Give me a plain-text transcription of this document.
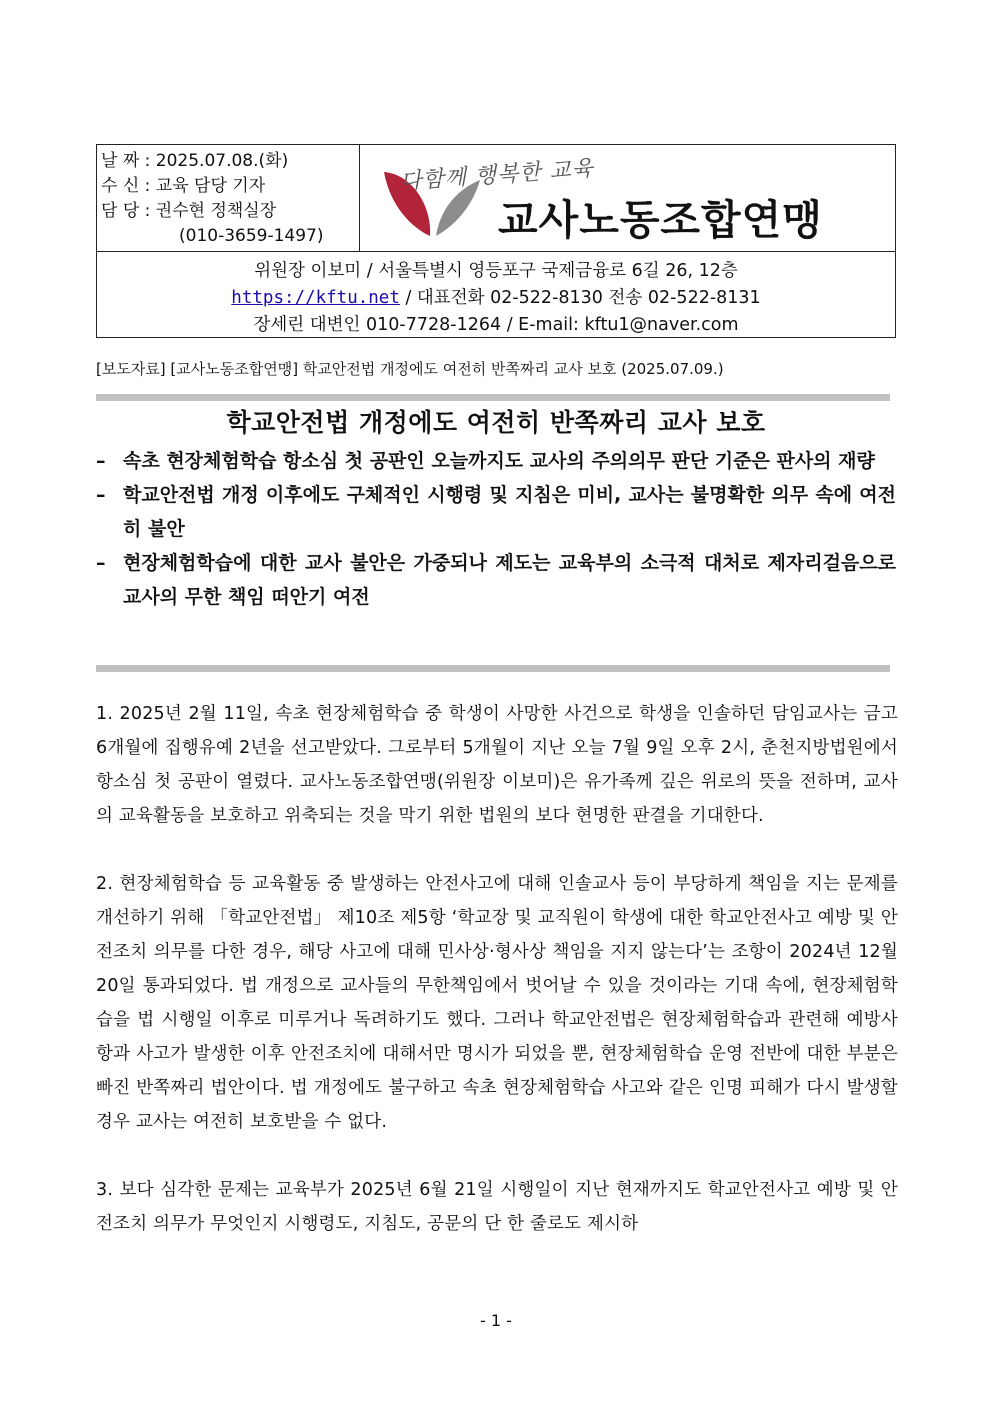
날 짜 : 2025.07.08.(화)
수 신 : 교육 담당 기자
담 당 : 권수현 정책실장
(010-3659-1497)
위원장 이보미 / 서울특별시 영등포구 국제금융로 6길 26, 12층
https://kftu.net / 대표전화 02-522-8130 전송 02-522-8131
장세린 대변인 010-7728-1264 / E-mail: kftu1@naver.com
다함께 행복한 교육
교사노동조합연맹
[보도자료] [교사노동조합연맹] 학교안전법 개정에도 여전히 반쪽짜리 교사 보호 (2025.07.09.)
학교안전법 개정에도 여전히 반쪽짜리 교사 보호
– 속초 현장체험학습 항소심 첫 공판인 오늘까지도 교사의 주의의무 판단 기준은 판사의 재량
– 학교안전법 개정 이후에도 구체적인 시행령 및 지침은 미비, 교사는 불명확한 의무 속에 여전히 불안
– 현장체험학습에 대한 교사 불안은 가중되나 제도는 교육부의 소극적 대처로 제자리걸음으로 교사의 무한 책임 떠안기 여전

1. 2025년 2월 11일, 속초 현장체험학습 중 학생이 사망한 사건으로 학생을 인솔하던 담임교사는 금고 6개월에 집행유예 2년을 선고받았다. 그로부터 5개월이 지난 오늘 7월 9일 오후 2시, 춘천지방법원에서 항소심 첫 공판이 열렸다. 교사노동조합연맹(위원장 이보미)은 유가족께 깊은 위로의 뜻을 전하며, 교사의 교육활동을 보호하고 위축되는 것을 막기 위한 법원의 보다 현명한 판결을 기대한다.

2. 현장체험학습 등 교육활동 중 발생하는 안전사고에 대해 인솔교사 등이 부당하게 책임을 지는 문제를 개선하기 위해 「학교안전법」 제10조 제5항 ‘학교장 및 교직원이 학생에 대한 학교안전사고 예방 및 안전조치 의무를 다한 경우, 해당 사고에 대해 민사상·형사상 책임을 지지 않는다’는 조항이 2024년 12월 20일 통과되었다. 법 개정으로 교사들의 무한책임에서 벗어날 수 있을 것이라는 기대 속에, 현장체험학습을 법 시행일 이후로 미루거나 독려하기도 했다. 그러나 학교안전법은 현장체험학습과 관련해 예방사항과 사고가 발생한 이후 안전조치에 대해서만 명시가 되었을 뿐, 현장체험학습 운영 전반에 대한 부분은 빠진 반쪽짜리 법안이다. 법 개정에도 불구하고 속초 현장체험학습 사고와 같은 인명 피해가 다시 발생할 경우 교사는 여전히 보호받을 수 없다.

3. 보다 심각한 문제는 교육부가 2025년 6월 21일 시행일이 지난 현재까지도 학교안전사고 예방 및 안전조치 의무가 무엇인지 시행령도, 지침도, 공문의 단 한 줄로도 제시하

- 1 -
